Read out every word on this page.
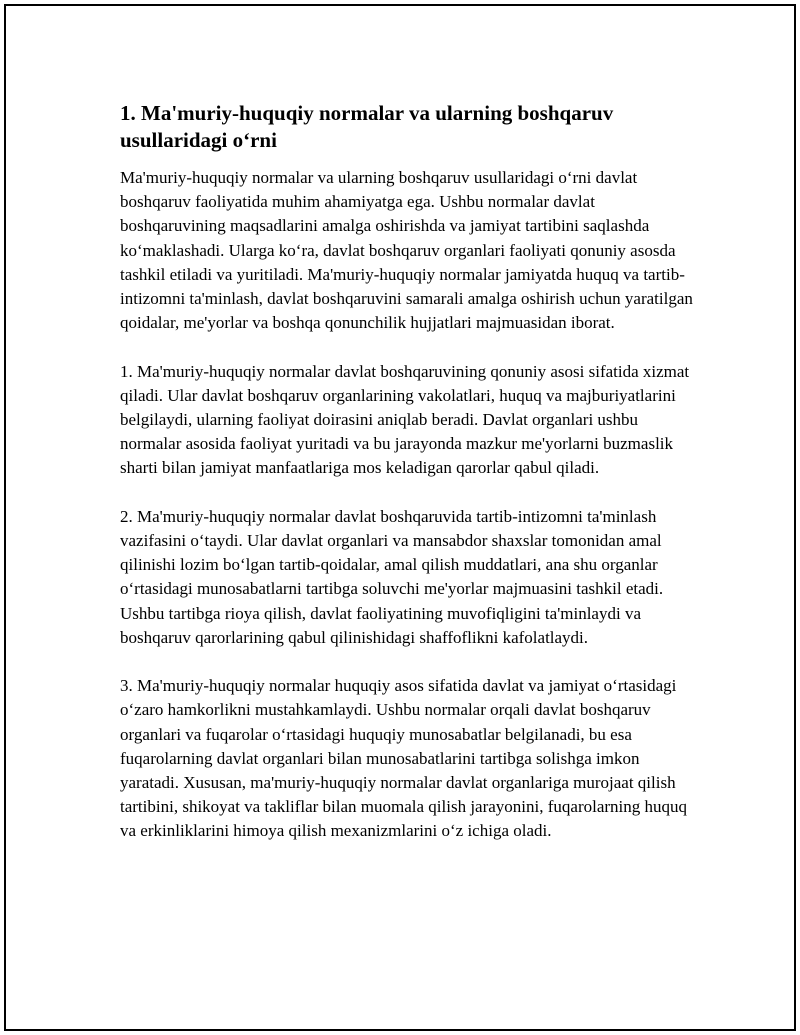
1. Ma'muriy-huquqiy normalar va ularning boshqaruv usullaridagi o‘rni

Ma'muriy-huquqiy normalar va ularning boshqaruv usullaridagi o‘rni davlat boshqaruv faoliyatida muhim ahamiyatga ega. Ushbu normalar davlat boshqaruvining maqsadlarini amalga oshirishda va jamiyat tartibini saqlashda ko‘maklashadi. Ularga ko‘ra, davlat boshqaruv organlari faoliyati qonuniy asosda tashkil etiladi va yuritiladi. Ma'muriy-huquqiy normalar jamiyatda huquq va tartib-intizomni ta'minlash, davlat boshqaruvini samarali amalga oshirish uchun yaratilgan qoidalar, me'yorlar va boshqa qonunchilik hujjatlari majmuasidan iborat.

1. Ma'muriy-huquqiy normalar davlat boshqaruvining qonuniy asosi sifatida xizmat qiladi. Ular davlat boshqaruv organlarining vakolatlari, huquq va majburiyatlarini belgilaydi, ularning faoliyat doirasini aniqlab beradi. Davlat organlari ushbu normalar asosida faoliyat yuritadi va bu jarayonda mazkur me'yorlarni buzmaslik sharti bilan jamiyat manfaatlariga mos keladigan qarorlar qabul qiladi.

2. Ma'muriy-huquqiy normalar davlat boshqaruvida tartib-intizomni ta'minlash vazifasini o‘taydi. Ular davlat organlari va mansabdor shaxslar tomonidan amal qilinishi lozim bo‘lgan tartib-qoidalar, amal qilish muddatlari, ana shu organlar o‘rtasidagi munosabatlarni tartibga soluvchi me'yorlar majmuasini tashkil etadi. Ushbu tartibga rioya qilish, davlat faoliyatining muvofiqligini ta'minlaydi va boshqaruv qarorlarining qabul qilinishidagi shaffoflikni kafolatlaydi.

3. Ma'muriy-huquqiy normalar huquqiy asos sifatida davlat va jamiyat o‘rtasidagi o‘zaro hamkorlikni mustahkamlaydi. Ushbu normalar orqali davlat boshqaruv organlari va fuqarolar o‘rtasidagi huquqiy munosabatlar belgilanadi, bu esa fuqarolarning davlat organlari bilan munosabatlarini tartibga solishga imkon yaratadi. Xususan, ma'muriy-huquqiy normalar davlat organlariga murojaat qilish tartibini, shikoyat va takliflar bilan muomala qilish jarayonini, fuqarolarning huquq va erkinliklarini himoya qilish mexanizmlarini o‘z ichiga oladi.
